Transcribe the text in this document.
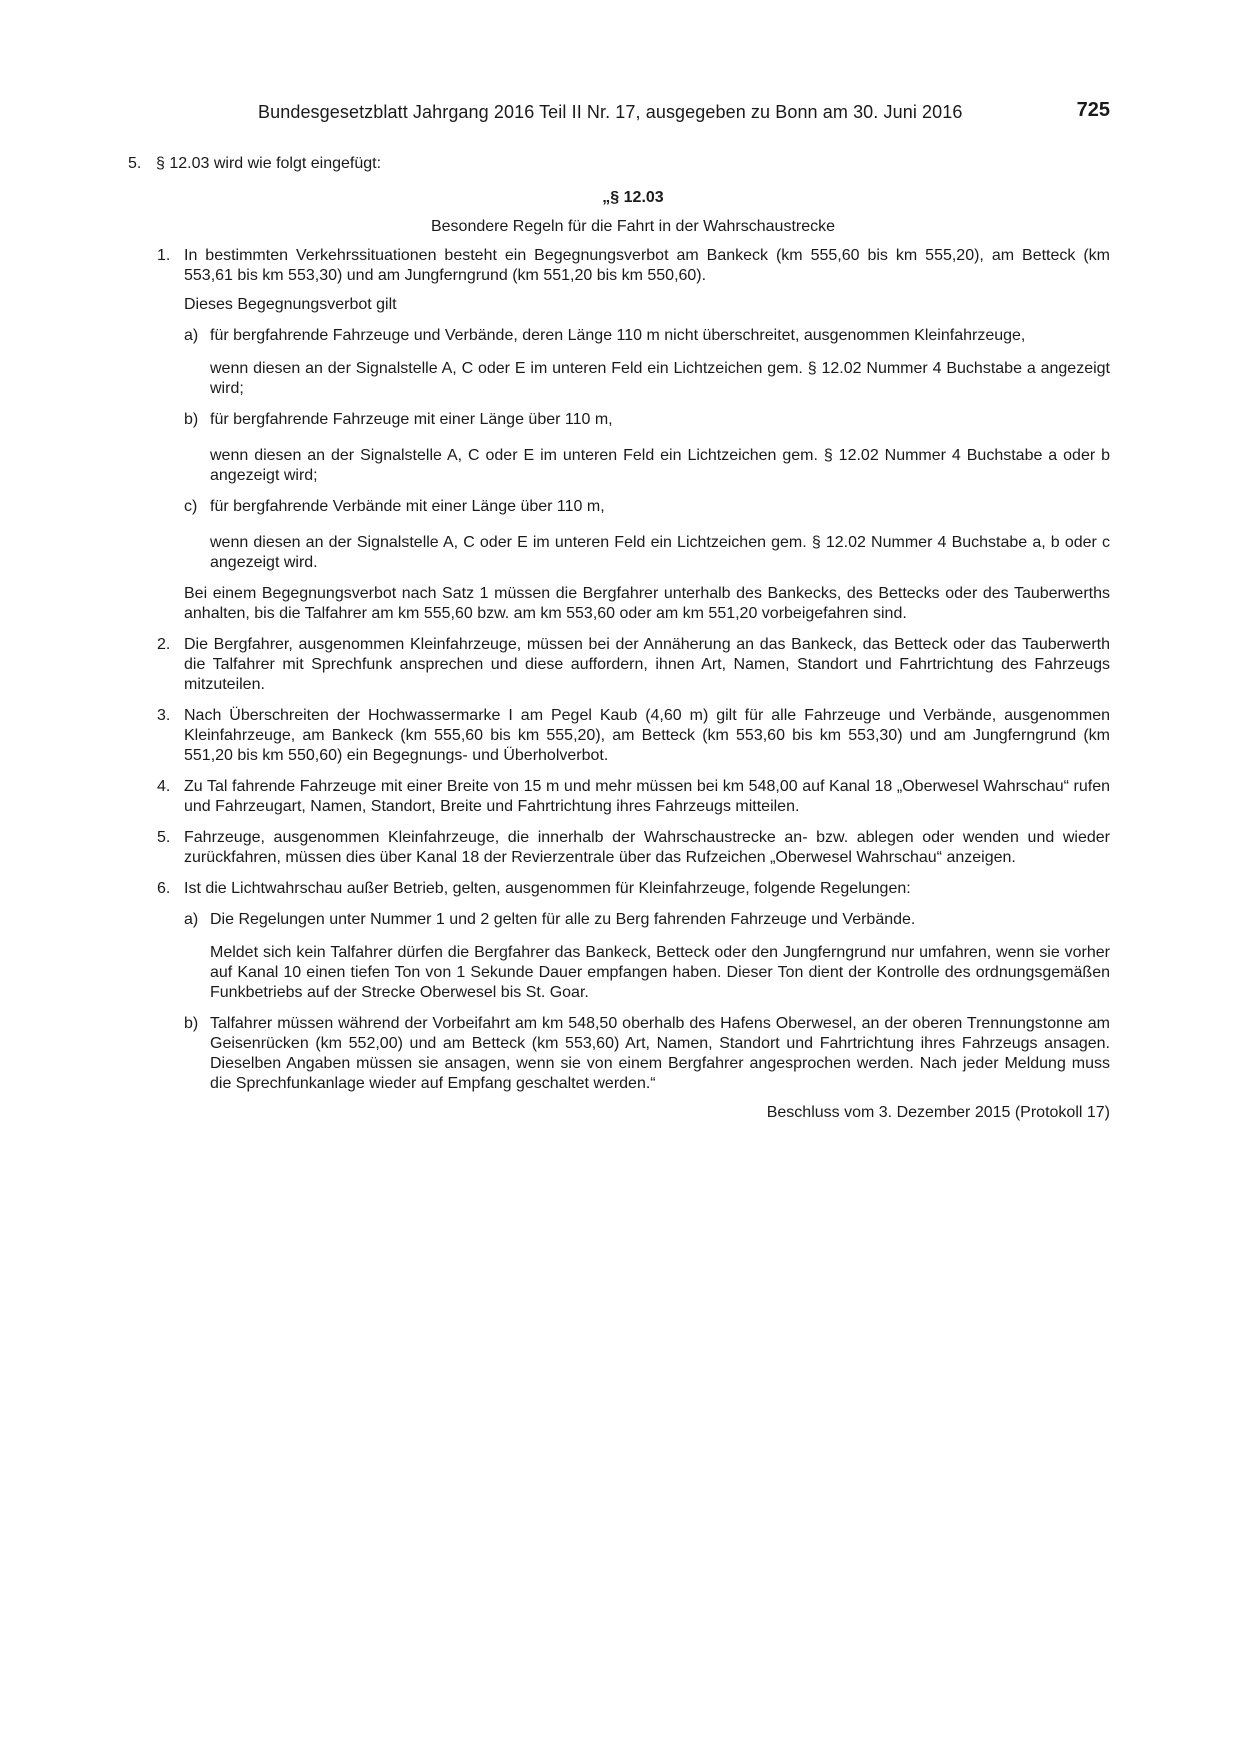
Bundesgesetzblatt Jahrgang 2016 Teil II Nr. 17, ausgegeben zu Bonn am 30. Juni 2016	725
5. § 12.03 wird wie folgt eingefügt:
„§ 12.03
Besondere Regeln für die Fahrt in der Wahrschaustrecke
1. In bestimmten Verkehrssituationen besteht ein Begegnungsverbot am Bankeck (km 555,60 bis km 555,20), am Betteck (km 553,61 bis km 553,30) und am Jungferngrund (km 551,20 bis km 550,60).
Dieses Begegnungsverbot gilt
a) für bergfahrende Fahrzeuge und Verbände, deren Länge 110 m nicht überschreitet, ausgenommen Kleinfahrzeuge,
wenn diesen an der Signalstelle A, C oder E im unteren Feld ein Lichtzeichen gem. § 12.02 Nummer 4 Buchstabe a angezeigt wird;
b) für bergfahrende Fahrzeuge mit einer Länge über 110 m,
wenn diesen an der Signalstelle A, C oder E im unteren Feld ein Lichtzeichen gem. § 12.02 Nummer 4 Buchstabe a oder b angezeigt wird;
c) für bergfahrende Verbände mit einer Länge über 110 m,
wenn diesen an der Signalstelle A, C oder E im unteren Feld ein Lichtzeichen gem. § 12.02 Nummer 4 Buchstabe a, b oder c angezeigt wird.
Bei einem Begegnungsverbot nach Satz 1 müssen die Bergfahrer unterhalb des Bankecks, des Bettecks oder des Tauberwerths anhalten, bis die Talfahrer am km 555,60 bzw. am km 553,60 oder am km 551,20 vorbeigefahren sind.
2. Die Bergfahrer, ausgenommen Kleinfahrzeuge, müssen bei der Annäherung an das Bankeck, das Betteck oder das Tauberwerth die Talfahrer mit Sprechfunk ansprechen und diese auffordern, ihnen Art, Namen, Standort und Fahrtrichtung des Fahrzeugs mitzuteilen.
3. Nach Überschreiten der Hochwassermarke I am Pegel Kaub (4,60 m) gilt für alle Fahrzeuge und Verbände, ausgenommen Kleinfahrzeuge, am Bankeck (km 555,60 bis km 555,20), am Betteck (km 553,60 bis km 553,30) und am Jungferngrund (km 551,20 bis km 550,60) ein Begegnungs- und Überholverbot.
4. Zu Tal fahrende Fahrzeuge mit einer Breite von 15 m und mehr müssen bei km 548,00 auf Kanal 18 „Oberwesel Wahrschau“ rufen und Fahrzeugart, Namen, Standort, Breite und Fahrtrichtung ihres Fahrzeugs mitteilen.
5. Fahrzeuge, ausgenommen Kleinfahrzeuge, die innerhalb der Wahrschaustrecke an- bzw. ablegen oder wenden und wieder zurückfahren, müssen dies über Kanal 18 der Revierzentrale über das Rufzeichen „Oberwesel Wahrschau“ anzeigen.
6. Ist die Lichtwahrschau außer Betrieb, gelten, ausgenommen für Kleinfahrzeuge, folgende Regelungen:
a) Die Regelungen unter Nummer 1 und 2 gelten für alle zu Berg fahrenden Fahrzeuge und Verbände.
Meldet sich kein Talfahrer dürfen die Bergfahrer das Bankeck, Betteck oder den Jungferngrund nur umfahren, wenn sie vorher auf Kanal 10 einen tiefen Ton von 1 Sekunde Dauer empfangen haben. Dieser Ton dient der Kontrolle des ordnungsgemäßen Funkbetriebs auf der Strecke Oberwesel bis St. Goar.
b) Talfahrer müssen während der Vorbeifahrt am km 548,50 oberhalb des Hafens Oberwesel, an der oberen Trennungstonne am Geisenrücken (km 552,00) und am Betteck (km 553,60) Art, Namen, Standort und Fahrtrichtung ihres Fahrzeugs ansagen. Dieselben Angaben müssen sie ansagen, wenn sie von einem Bergfahrer angesprochen werden. Nach jeder Meldung muss die Sprechfunkanlage wieder auf Empfang geschaltet werden.“
Beschluss vom 3. Dezember 2015 (Protokoll 17)
